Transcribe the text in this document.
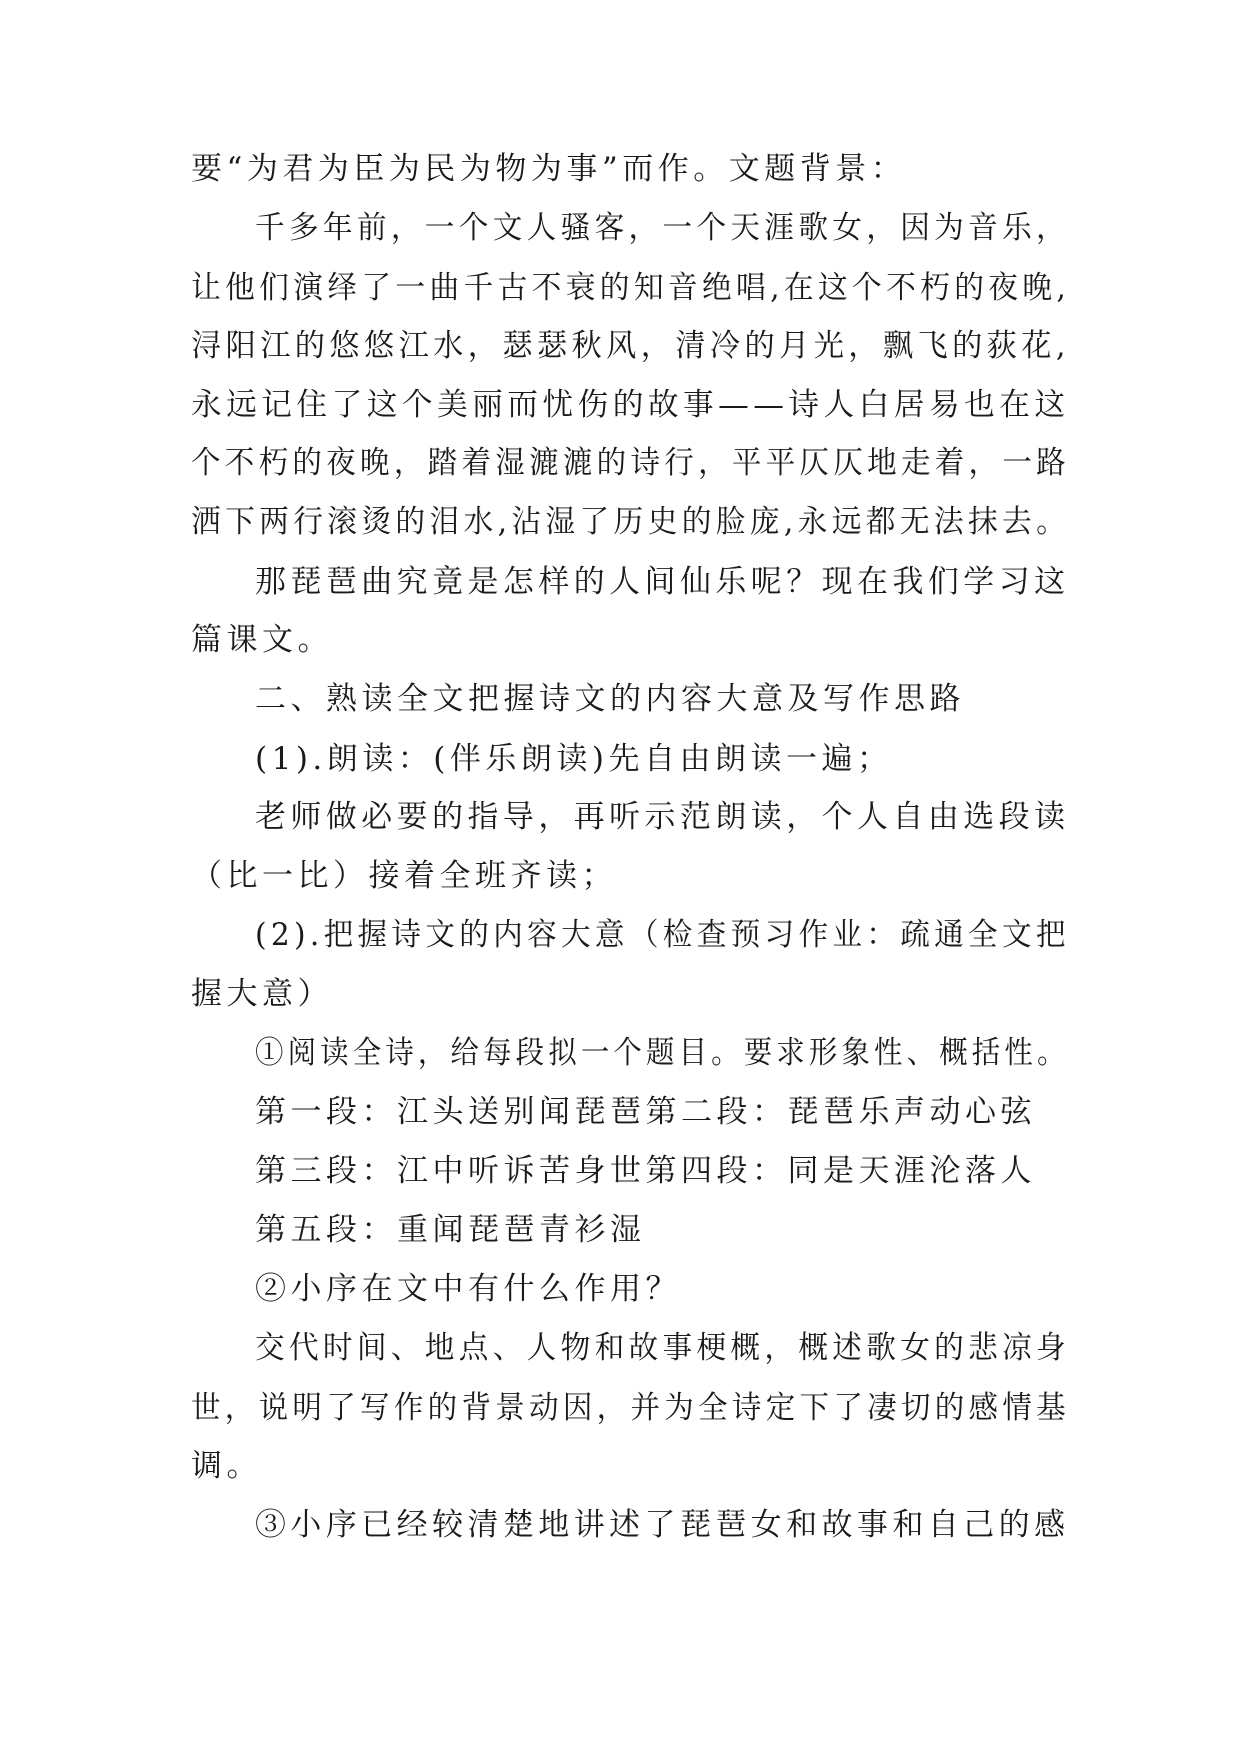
要“为君为臣为民为物为事”而作。文题背景：
千多年前，一个文人骚客，一个天涯歌女，因为音乐，
让他们演绎了一曲千古不衰的知音绝唱,在这个不朽的夜晚,
浔阳江的悠悠江水，瑟瑟秋风，清冷的月光，飘飞的荻花,
永远记住了这个美丽而忧伤的故事——诗人白居易也在这
个不朽的夜晚，踏着湿漉漉的诗行，平平仄仄地走着，一路
洒下两行滚烫的泪水,沾湿了历史的脸庞,永远都无法抹去。
那琵琶曲究竟是怎样的人间仙乐呢？现在我们学习这
篇课文。
二、熟读全文把握诗文的内容大意及写作思路
(1).朗读：(伴乐朗读)先自由朗读一遍；
老师做必要的指导，再听示范朗读，个人自由选段读
（比一比）接着全班齐读；
(2).把握诗文的内容大意（检查预习作业：疏通全文把
握大意）
①阅读全诗，给每段拟一个题目。要求形象性、概括性。
第一段：江头送别闻琵琶第二段：琵琶乐声动心弦
第三段：江中听诉苦身世第四段：同是天涯沦落人
第五段：重闻琵琶青衫湿
②小序在文中有什么作用？
交代时间、地点、人物和故事梗概，概述歌女的悲凉身
世，说明了写作的背景动因，并为全诗定下了凄切的感情基
调。
③小序已经较清楚地讲述了琵琶女和故事和自己的感
